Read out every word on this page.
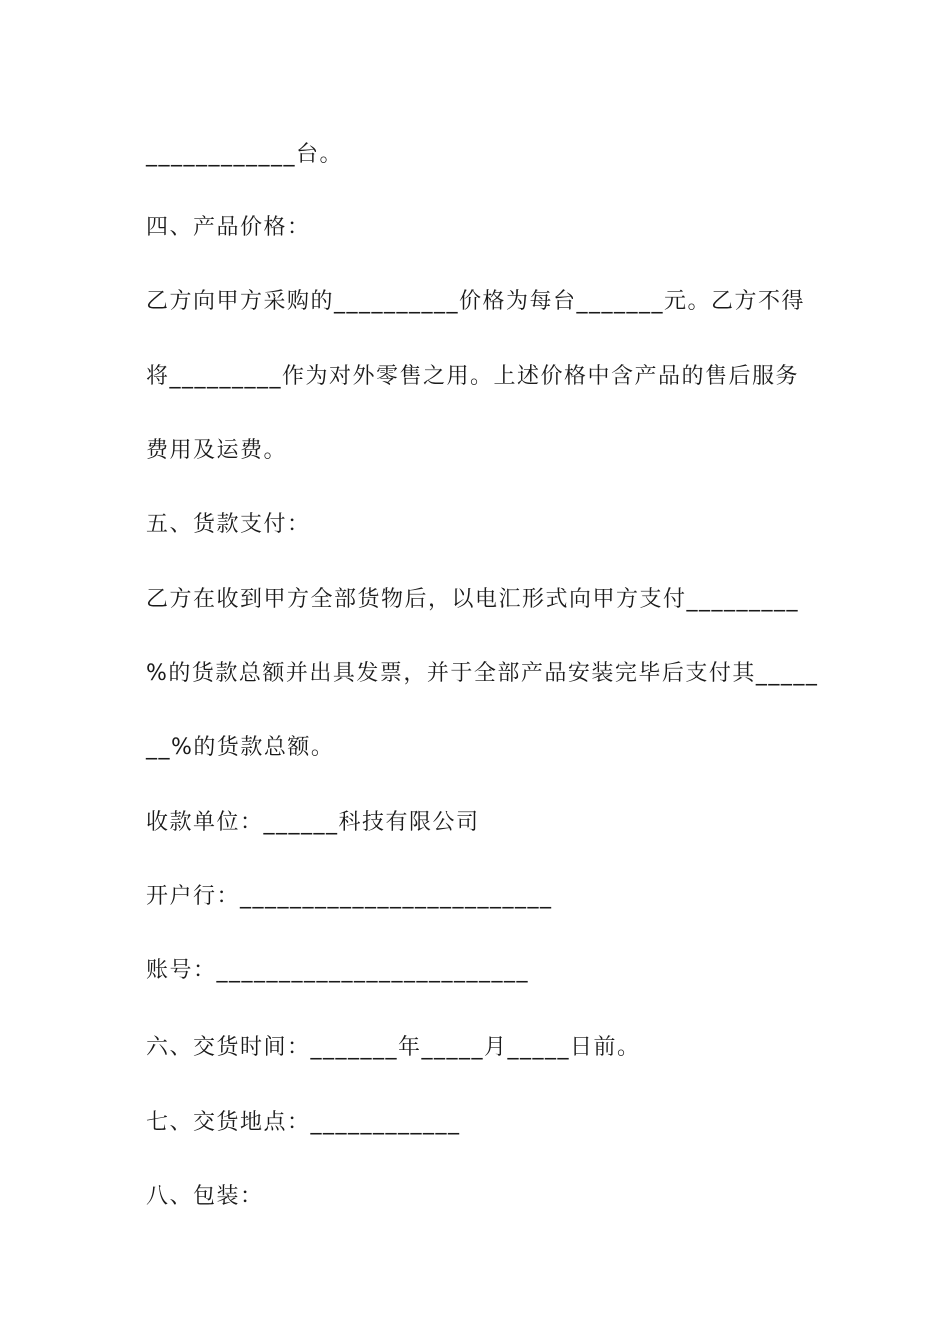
____________台。
四、产品价格：
乙方向甲方采购的__________价格为每台_______元。乙方不得
将_________作为对外零售之用。上述价格中含产品的售后服务
费用及运费。
五、货款支付：
乙方在收到甲方全部货物后，以电汇形式向甲方支付_________
%的货款总额并出具发票，并于全部产品安装完毕后支付其_____
__%的货款总额。
收款单位：______科技有限公司
开户行：_________________________
账号：_________________________
六、交货时间：_______年_____月_____日前。
七、交货地点：____________
八、包装：
